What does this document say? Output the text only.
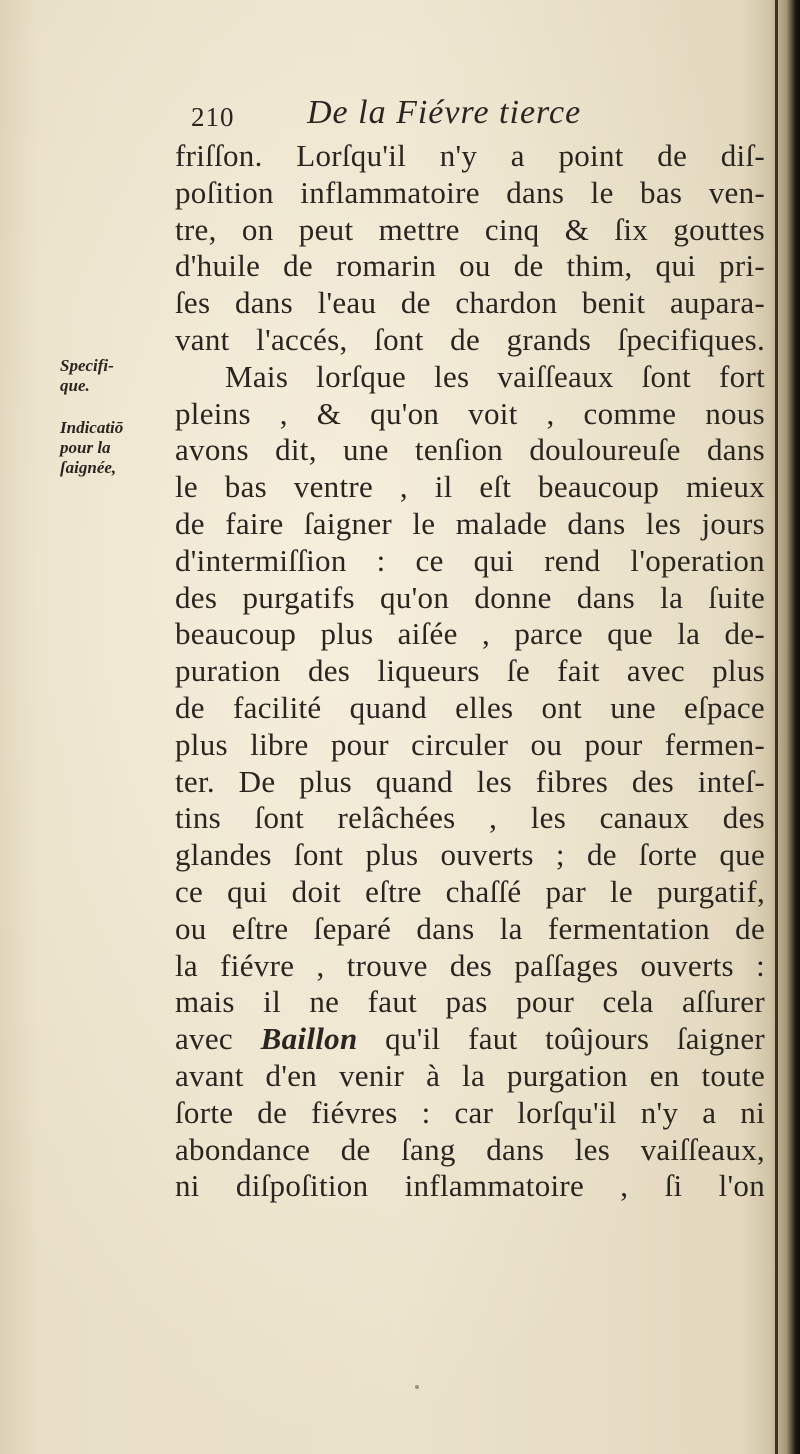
210 De la Fiévre tierce
Specifi-
que.
Indicatiō
pour la
ſaignée,
friſſon. Lorſqu'il n'y a point de diſ-
poſition inflammatoire dans le bas ven-
tre, on peut mettre cinq & ſix gouttes
d'huile de romarin ou de thim, qui pri-
ſes dans l'eau de chardon benit aupara-
vant l'accés, ſont de grands ſpecifiques.
Mais lorſque les vaiſſeaux ſont fort
pleins , & qu'on voit , comme nous
avons dit, une tenſion douloureuſe dans
le bas ventre , il eſt beaucoup mieux
de faire ſaigner le malade dans les jours
d'intermiſſion : ce qui rend l'operation
des purgatifs qu'on donne dans la ſuite
beaucoup plus aiſée , parce que la de-
puration des liqueurs ſe fait avec plus
de facilité quand elles ont une eſpace
plus libre pour circuler ou pour fermen-
ter. De plus quand les fibres des inteſ-
tins ſont relâchées , les canaux des
glandes ſont plus ouverts ; de ſorte que
ce qui doit eſtre chaſſé par le purgatif,
ou eſtre ſeparé dans la fermentation de
la fiévre , trouve des paſſages ouverts :
mais il ne faut pas pour cela aſſurer
avec Baillon qu'il faut toûjours ſaigner
avant d'en venir à la purgation en toute
ſorte de fiévres : car lorſqu'il n'y a ni
abondance de ſang dans les vaiſſeaux,
ni diſpoſition inflammatoire , ſi l'on
